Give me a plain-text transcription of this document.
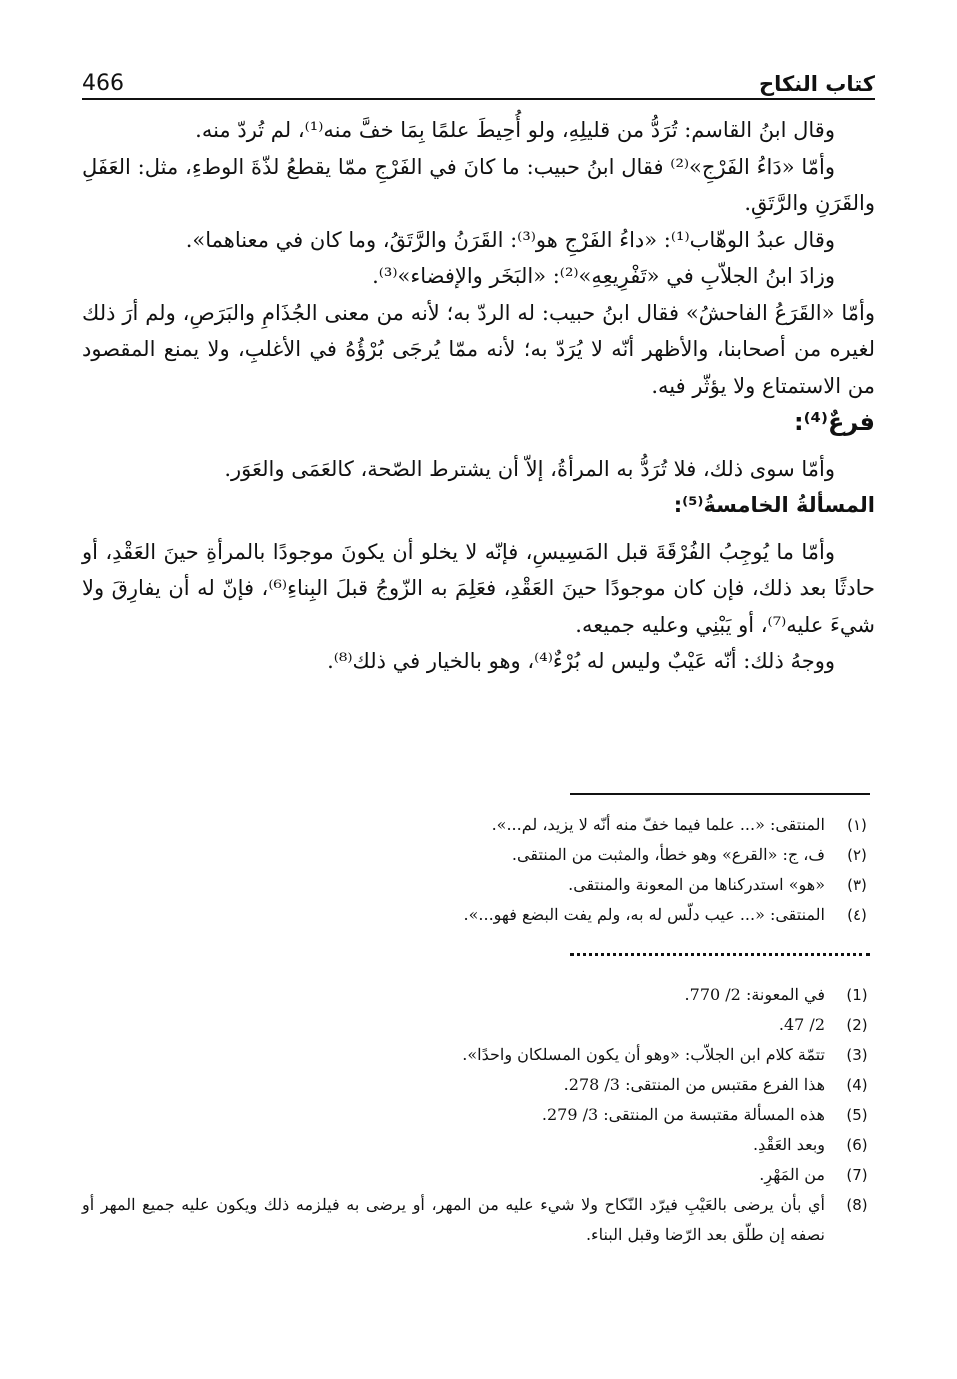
466	كتاب النكاح

وقال ابنُ القاسم: تُرَدُّ من قليلِهِ، ولو أُحِيطَ علمًا بِمَا خفَّ منه⁽¹⁾، لم تُردّ منه.

وأمّا «دَاءُ الفَرْجِ»⁽²⁾ فقال ابنُ حبيب: ما كانَ في الفَرْجِ ممّا يقطعُ لذّةَ الوطءِ، مثل: العَفَلِ والقَرَنِ والرَّتَقِ.

وقال عبدُ الوهّاب⁽¹⁾: «داءُ الفَرْجِ هو⁽³⁾: القَرَنُ والرَّتَقُ، وما كان في معناهما».

وزادَ ابنُ الجلاّبِ في «تَفْرِيعِهِ»⁽²⁾: «البَخَر والإفضاء»⁽³⁾.

وأمّا «القَرَعُ الفاحشُ» فقال ابنُ حبيب: له الردّ به؛ لأنه من معنى الجُذَامِ والبَرَصِ، ولم أرَ ذلك لغيره من أصحابنا، والأظهر أنّه لا يُرَدّ به؛ لأنه ممّا يُرجَى بُرْؤُهُ في الأغلبِ، ولا يمنع المقصود من الاستمتاع ولا يؤثّر فيه.

فرعٌ⁽⁴⁾:

وأمّا سوى ذلك، فلا تُرَدُّ به المرأةُ، إلاّ أن يشترط الصّحة، كالعَمَى والعَوَر.

المسألةُ الخامسةُ⁽⁵⁾:

وأمّا ما يُوجِبُ الفُرْقَةَ قبل المَسِيسِ، فإنّه لا يخلو أن يكونَ موجودًا بالمرأةِ حينَ العَقْدِ، أو حادثًا بعد ذلك، فإن كان موجودًا حينَ العَقْدِ، فعَلِمَ به الزّوجُ قبلَ البِناءِ⁽⁶⁾، فإنّ له أن يفارِقَ ولا شيءَ عليه⁽⁷⁾، أو يَبْنِي وعليه جميعه.

ووجهُ ذلك: أنّه عَيْبٌ وليس له بُرْءٌ⁽⁴⁾، وهو بالخيار في ذلك⁽⁸⁾.

(١)
المنتقى: «... علما فيما خفّ منه أنّه لا يزيد، لم...».
(٢)
ف، ج: «القرع» وهو خطأ، والمثبت من المنتقى.
(٣)
«هو» استدركناها من المعونة والمنتقى.
(٤)
المنتقى: «... عيب دلّس له به، ولم يفت البضع فهو...».
(1)
في المعونة: 2/ 770.
(2)
2/ 47.
(3)
تتمّة كلام ابن الجلاّب: «وهو أن يكون المسلكان واحدًا».
(4)
هذا الفرع مقتبس من المنتقى: 3/ 278.
(5)
هذه المسألة مقتبسة من المنتقى: 3/ 279.
(6)
وبعد العَقْدِ.
(7)
من المَهْرِ.
(8)
أي بأن يرضى بالعَيْبِ فيرّد النّكاح ولا شيء عليه من المهر، أو يرضى به فيلزمه ذلك ويكون عليه جميع المهر أو نصفه إن طلّق بعد الرّضا وقبل البناء.
